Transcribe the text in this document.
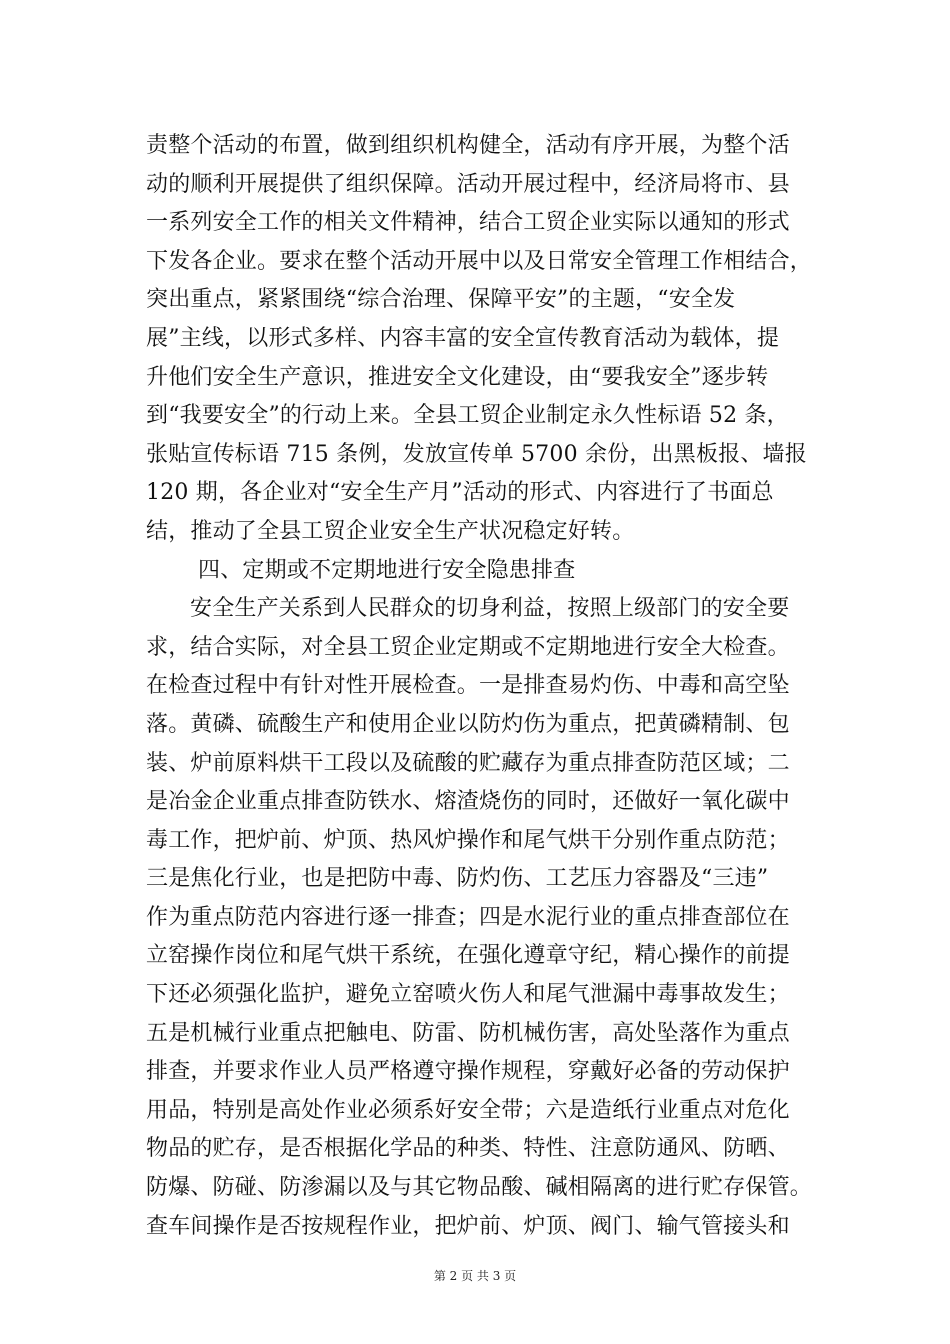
责整个活动的布置，做到组织机构健全，活动有序开展，为整个活
动的顺利开展提供了组织保障。活动开展过程中，经济局将市、县
一系列安全工作的相关文件精神，结合工贸企业实际以通知的形式
下发各企业。要求在整个活动开展中以及日常安全管理工作相结合，
突出重点，紧紧围绕“综合治理、保障平安”的主题，“安全发
展”主线，以形式多样、内容丰富的安全宣传教育活动为载体，提
升他们安全生产意识，推进安全文化建设，由“要我安全”逐步转
到“我要安全”的行动上来。全县工贸企业制定永久性标语 52 条，
张贴宣传标语 715 条例，发放宣传单 5700 余份，出黑板报、墙报
120 期，各企业对“安全生产月”活动的形式、内容进行了书面总
结，推动了全县工贸企业安全生产状况稳定好转。
四、定期或不定期地进行安全隐患排查
安全生产关系到人民群众的切身利益，按照上级部门的安全要
求，结合实际，对全县工贸企业定期或不定期地进行安全大检查。
在检查过程中有针对性开展检查。一是排查易灼伤、中毒和高空坠
落。黄磷、硫酸生产和使用企业以防灼伤为重点，把黄磷精制、包
装、炉前原料烘干工段以及硫酸的贮藏存为重点排查防范区域；二
是冶金企业重点排查防铁水、熔渣烧伤的同时，还做好一氧化碳中
毒工作，把炉前、炉顶、热风炉操作和尾气烘干分别作重点防范；
三是焦化行业，也是把防中毒、防灼伤、工艺压力容器及“三违”
作为重点防范内容进行逐一排查；四是水泥行业的重点排查部位在
立窑操作岗位和尾气烘干系统，在强化遵章守纪，精心操作的前提
下还必须强化监护，避免立窑喷火伤人和尾气泄漏中毒事故发生；
五是机械行业重点把触电、防雷、防机械伤害，高处坠落作为重点
排查，并要求作业人员严格遵守操作规程，穿戴好必备的劳动保护
用品，特别是高处作业必须系好安全带；六是造纸行业重点对危化
物品的贮存，是否根据化学品的种类、特性、注意防通风、防晒、
防爆、防碰、防渗漏以及与其它物品酸、碱相隔离的进行贮存保管。
查车间操作是否按规程作业，把炉前、炉顶、阀门、输气管接头和
第 2 页 共 3 页
